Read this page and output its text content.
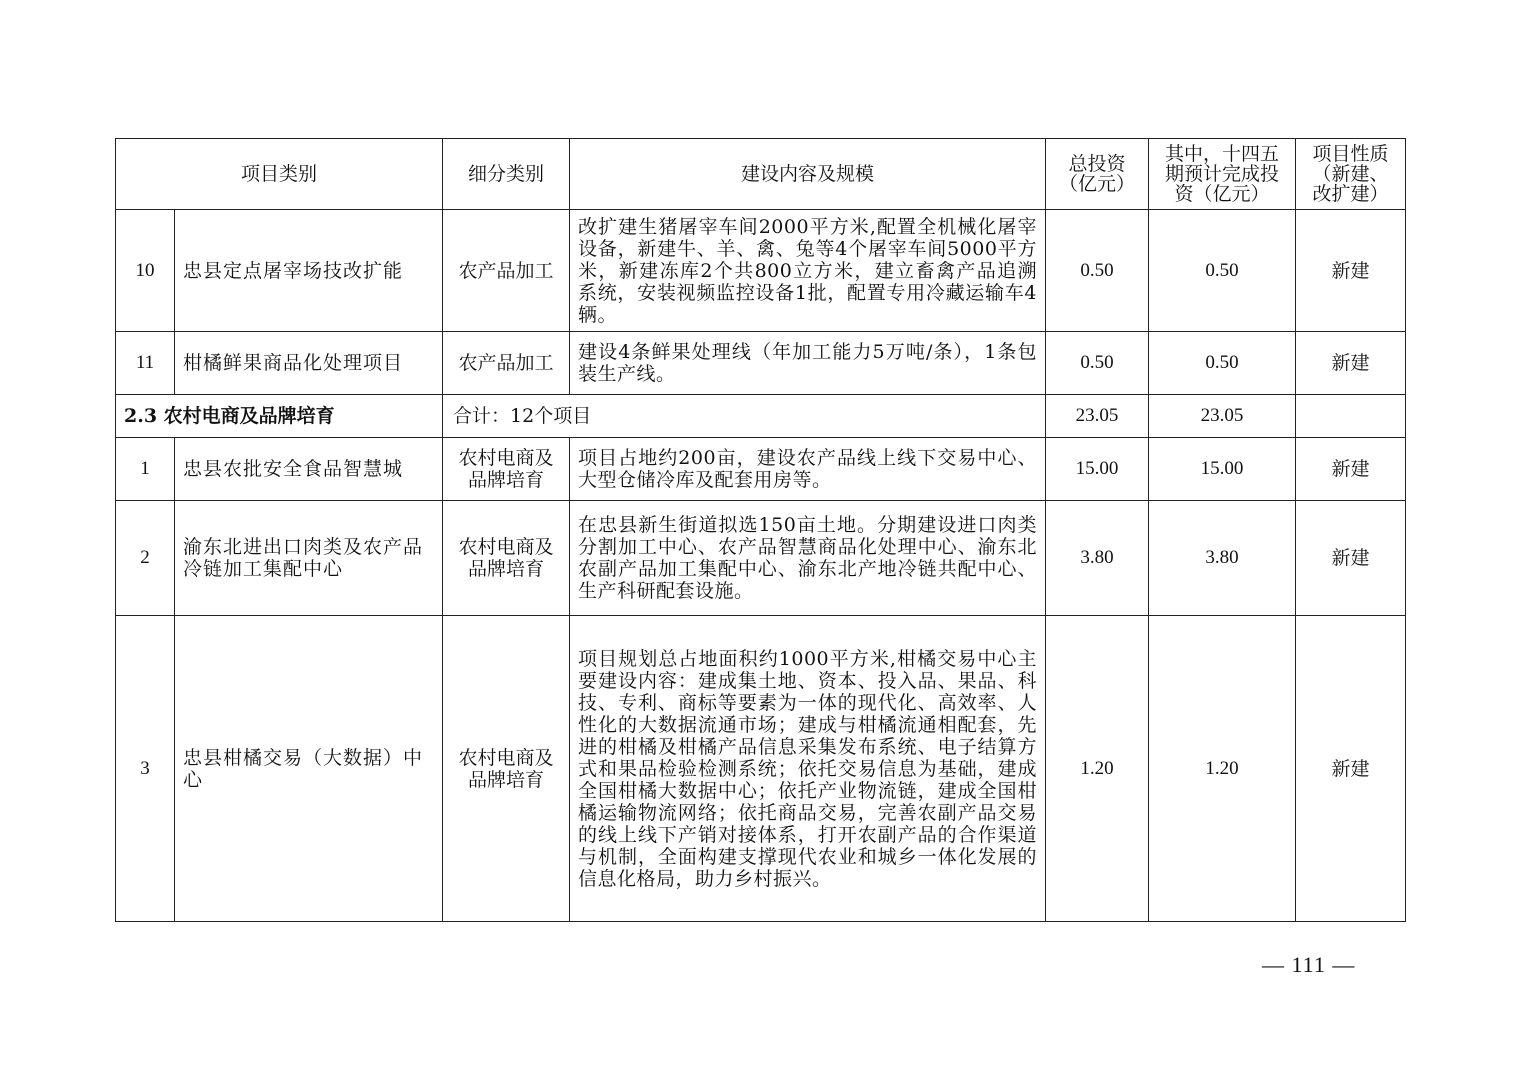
项目类别		细分类别	建设内容及规模	总投资（亿元）	其中，十四五期预计完成投资（亿元）	项目性质（新建、改扩建）
10	忠县定点屠宰场技改扩能	农产品加工	改扩建生猪屠宰车间2000平方米,配置全机械化屠宰设备，新建牛、羊、禽、兔等4个屠宰车间5000平方米，新建冻库2个共800立方米，建立畜禽产品追溯系统，安装视频监控设备1批，配置专用冷藏运输车4辆。	0.50	0.50	新建
11	柑橘鲜果商品化处理项目	农产品加工	建设4条鲜果处理线（年加工能力5万吨/条），1条包装生产线。	0.50	0.50	新建
2.3 农村电商及品牌培育		合计：12个项目		23.05	23.05	
1	忠县农批安全食品智慧城	农村电商及品牌培育	项目占地约200亩，建设农产品线上线下交易中心、大型仓储冷库及配套用房等。	15.00	15.00	新建
2	渝东北进出口肉类及农产品冷链加工集配中心	农村电商及品牌培育	在忠县新生街道拟选150亩土地。分期建设进口肉类分割加工中心、农产品智慧商品化处理中心、渝东北农副产品加工集配中心、渝东北产地冷链共配中心、生产科研配套设施。	3.80	3.80	新建
3	忠县柑橘交易（大数据）中心	农村电商及品牌培育	项目规划总占地面积约1000平方米,柑橘交易中心主要建设内容：建成集土地、资本、投入品、果品、科技、专利、商标等要素为一体的现代化、高效率、人性化的大数据流通市场；建成与柑橘流通相配套，先进的柑橘及柑橘产品信息采集发布系统、电子结算方式和果品检验检测系统；依托交易信息为基础，建成全国柑橘大数据中心；依托产业物流链，建成全国柑橘运输物流网络；依托商品交易，完善农副产品交易的线上线下产销对接体系，打开农副产品的合作渠道与机制，全面构建支撑现代农业和城乡一体化发展的信息化格局，助力乡村振兴。	1.20	1.20	新建
— 111 —
